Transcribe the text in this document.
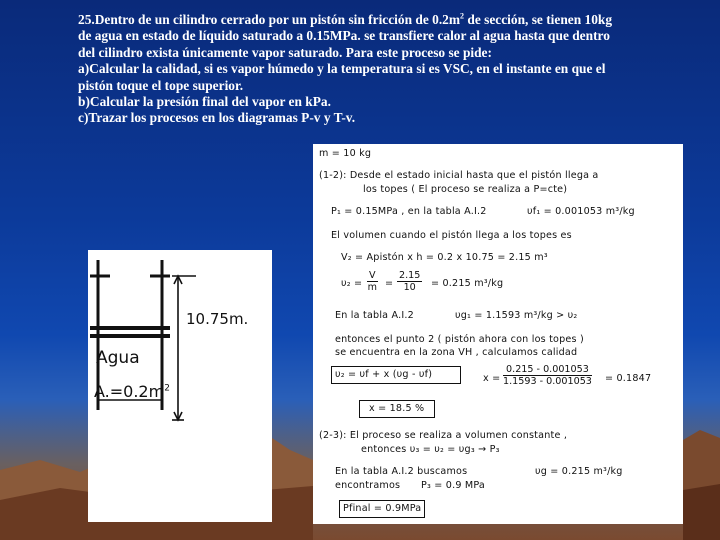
25.Dentro de un cilindro cerrado por un pistón sin fricción de $0.2m^2$ de sección, se tienen 10kg

de agua en estado de líquido saturado a 0.15MPa. se transfiere calor al agua hasta que dentro

del cilindro exista únicamente vapor saturado. Para este proceso se pide:

a)Calcular la calidad, si es vapor húmedo y la temperatura si es VSC, en el instante en que el

pistón toque el tope superior.

b)Calcular la presión final del vapor en kPa.

c)Trazar los procesos en los diagramas P-v y T-v.

10.75m.
Agua
$A.=0.2m^2$
m = 10 kg
(1-2): Desde el estado inicial hasta que el pistón llega a
los topes ( El proceso se realiza a P=cte)
P₁ = 0.15MPa , en la tabla A.I.2	υf₁ = 0.001053 m³/kg
El volumen cuando el pistón llega a los topes es
V₂ = Apistón x h = 0.2 x 10.75 = 2.15 m³
$\upsilon_2 = \frac{V}{m} = \frac{2.15}{10} = 0.215$ m³/kg
En la tabla A.I.2	υg₁ = 1.1593 m³/kg > υ₂
entonces el punto 2 ( pistón ahora con los topes )
se encuentra en la zona VH , calculamos calidad
υ₂ = υf + x (υg - υf)	$x = \frac{0.215 - 0.001053}{1.1593 - 0.001053} = 0.1847$
x = 18.5 %
(2-3): El proceso se realiza a volumen constante ,
entonces υ₃ = υ₂ = υg₃ → P₃
En la tabla A.I.2 buscamos	υg = 0.215 m³/kg
encontramos P₃ = 0.9 MPa
Pfinal = 0.9MPa
